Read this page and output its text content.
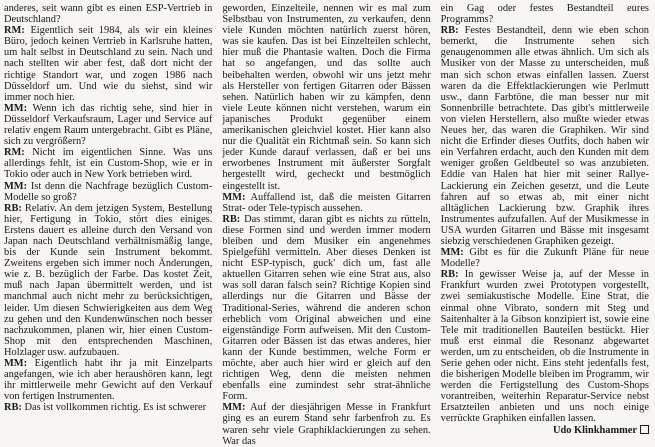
anderes, seit wann gibt es einen ESP-Vertrieb in Deutschland?

RM: Eigentlich seit 1984, als wir ein kleines Büro, jedoch keinen Vertrieb in Karlsruhe hatten, um halt selbst in Deutschland zu sein. Nach und nach stellten wir aber fest, daß dort nicht der richtige Standort war, und zogen 1986 nach Düsseldorf um. Und wie du siehst, sind wir immer noch hier.

MM: Wenn ich das richtig sehe, sind hier in Düsseldorf Verkaufsraum, Lager und Service auf relativ engem Raum untergebracht. Gibt es Pläne, sich zu vergrößern?

RM: Nicht im eigentlichen Sinne. Was uns allerdings fehlt, ist ein Custom-Shop, wie er in Tokio oder auch in New York betrieben wird.

MM: Ist denn die Nachfrage bezüglich Custom-Modelle so groß?

RB: Relativ. An dem jetzigen System, Bestellung hier, Fertigung in Tokio, stört dies einiges. Erstens dauert es alleine durch den Versand von Japan nach Deutschland verhältnismäßig lange, bis der Kunde sein Instrument bekommt. Zweitens ergeben sich immer noch Änderungen, wie z. B. bezüglich der Farbe. Das kostet Zeit, muß nach Japan übermittelt werden, und ist manchmal auch nicht mehr zu berücksichtigen, leider. Um diesen Schwierigkeiten aus dem Weg zu gehen und den Kundenwünschen noch besser nachzukommen, planen wir, hier einen Custom-Shop mit den entsprechenden Maschinen, Holzlager usw. aufzubauen.

MM: Eigentlich habt ihr ja mit Einzelparts angefangen, wie ich aber heraushören kann, legt ihr mittlerweile mehr Gewicht auf den Verkauf von fertigen Instrumenten.

RB: Das ist vollkommen richtig. Es ist schwerer

geworden, Einzelteile, nennen wir es mal zum Selbstbau von Instrumenten, zu verkaufen, denn viele Kunden möchten natürlich zuerst hören, was sie kaufen. Das ist bei Einzelteilen schlecht, hier muß die Phantasie walten. Doch die Firma hat so angefangen, und das sollte auch beibehalten werden, obwohl wir uns jetzt mehr als Hersteller von fertigen Gitarren oder Bässen sehen. Natürlich haben wir zu kämpfen, denn viele Leute können nicht verstehen, warum ein japanisches Produkt gegenüber einem amerikanischen gleichviel kostet. Hier kann also nur die Qualität ein Richtmaß sein. So kann sich jeder Kunde darauf verlassen, daß er bei uns erworbenes Instrument mit äußerster Sorgfalt hergestellt wird, gecheckt und bestmöglich eingestellt ist.

MM: Auffallend ist, daß die meisten Gitarren Strat- oder Tele-typisch aussehen.

RB: Das stimmt, daran gibt es nichts zu rütteln, diese Formen sind und werden immer modern bleiben und dem Musiker ein angenehmes Spielgefühl vermitteln. Aber dieses Denken ist nicht ESP-typisch, guck' dich um, fast alle aktuellen Gitarren sehen wie eine Strat aus, also was soll daran falsch sein? Richtige Kopien sind allerdings nur die Gitarren und Bässe der Traditional-Series, während die anderen schon erheblich vom Original abweichen und eine eigenständige Form aufweisen. Mit den Custom-Gitarren oder Bässen ist das etwas anderes, hier kann der Kunde bestimmen, welche Form er möchte, aber auch hier wird er gleich auf den richtigen Weg, denn die meisten nehmen ebenfalls eine zumindest sehr strat-ähnliche Form.

MM: Auf der diesjährigen Messe in Frankfurt ging es an eurem Stand sehr farbenfroh zu. Es waren sehr viele Graphiklackierungen zu sehen. War das

ein Gag oder festes Bestandteil eures Programms?

RB: Festes Bestandteil, denn wie eben schon bemerkt, die Instrumente sehen sich genaugenommen alle etwas ähnlich. Um sich als Musiker von der Masse zu unterscheiden, muß man sich schon etwas einfallen lassen. Zuerst waren da die Effektlackierungen wie Perlmutt usw., dann Farbtöne, die man besser nur mit Sonnenbrille betrachtete. Das gibt's mittlerweile von vielen Herstellern, also mußte wieder etwas Neues her, das waren die Graphiken. Wir sind nicht die Erfinder dieses Outfits, doch haben wir ein Verfahren erdacht, auch den Kunden mit dem weniger großen Geldbeutel so was anzubieten. Eddie van Halen hat hier mit seiner Rallye-Lackierung ein Zeichen gesetzt, und die Leute fahren auf so etwas ab, mit einer nicht alltäglichen Lackierung bzw. Graphik ihres Instrumentes aufzufallen. Auf der Musikmesse in USA wurden Gitarren und Bässe mit insgesamt siebzig verschiedenen Graphiken gezeigt.

MM: Gibt es für die Zukunft Pläne für neue Modelle?

RB: In gewisser Weise ja, auf der Messe in Frankfurt wurden zwei Prototypen vorgestellt, zwei semiakustische Modelle. Eine Strat, die einmal ohne Vibrato, sondern mit Steg und Saitenhalter à la Gibson konzipiert ist, sowie eine Tele mit traditionellen Bauteilen bestückt. Hier muß erst einmal die Resonanz abgewartet werden, um zu entscheiden, ob die Instrumente in Serie gehen oder nicht. Eins steht jedenfalls fest, die bisherigen Modelle bleiben im Programm, wir werden die Fertigstellung des Custom-Shops vorantreiben, weiterhin Reparatur-Service nebst Ersatzteilen anbieten und uns noch einige verrückte Graphiken einfallen lassen.

Udo Klinkhammer
